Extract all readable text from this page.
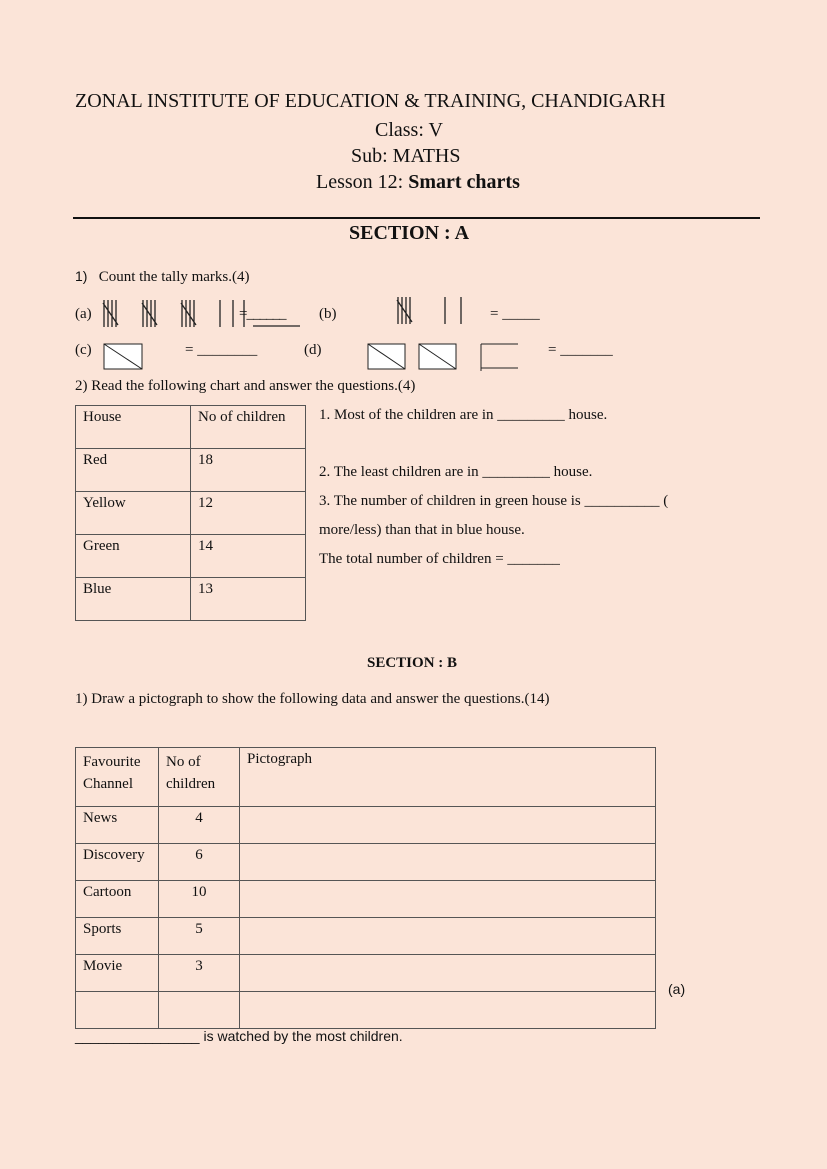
ZONAL INSTITUTE OF EDUCATION & TRAINING, CHANDIGARH
Class: V
Sub: MATHS
Lesson 12: Smart charts
SECTION : A
1) Count the tally marks.(4)
(a)	=______ (b)	= _____
(c)	= ________	(d)	= _______
2) Read the following chart and answer the questions.(4)
House	No of children
Red	18
Yellow	12
Green	14
Blue	13
1. Most of the children are in _________ house.
2. The least children are in _________ house.
3. The number of children in green house is __________ (
more/less) than that in blue house.
The total number of children = _______
SECTION : B
1) Draw a pictograph to show the following data and answer the questions.(14)
Favourite Channel	No of children	Pictograph
News	4	
Discovery	6	
Cartoon	10	
Sports	5	
Movie	3	

(a)
________________ is watched by the most children.
